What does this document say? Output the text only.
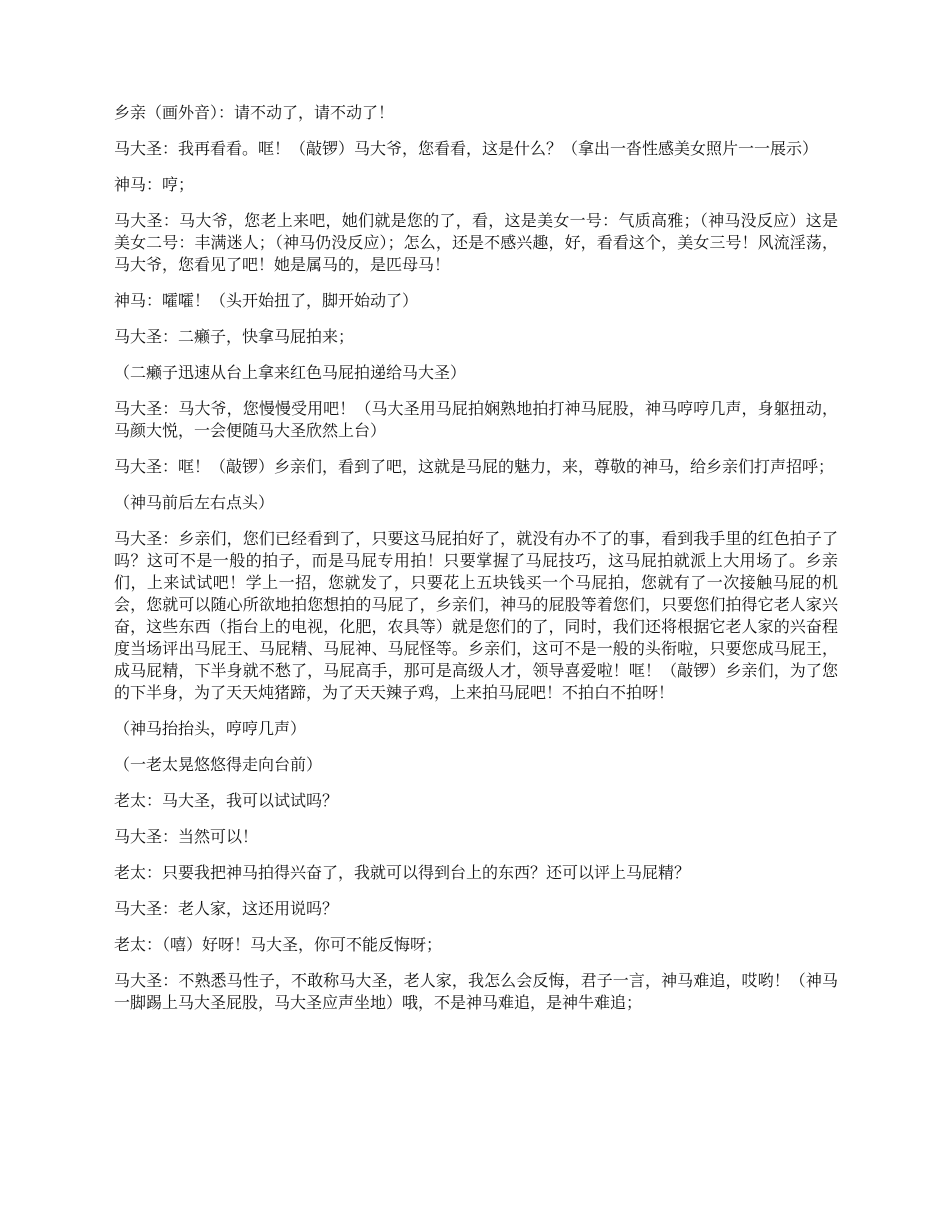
乡亲（画外音）：请不动了，请不动了！

马大圣：我再看看。哐！（敲锣）马大爷，您看看，这是什么？（拿出一沓性感美女照片一一展示）

神马：哼；

马大圣：马大爷，您老上来吧，她们就是您的了，看，这是美女一号：气质高雅；（神马没反应）这是美女二号：丰满迷人；（神马仍没反应）；怎么，还是不感兴趣，好，看看这个，美女三号！风流淫荡，马大爷，您看见了吧！她是属马的，是匹母马！

神马：嚯嚯！（头开始扭了，脚开始动了）

马大圣：二癞子，快拿马屁拍来；

（二癞子迅速从台上拿来红色马屁拍递给马大圣）

马大圣：马大爷，您慢慢受用吧！（马大圣用马屁拍娴熟地拍打神马屁股，神马哼哼几声，身躯扭动，马颜大悦，一会便随马大圣欣然上台）

马大圣：哐！（敲锣）乡亲们，看到了吧，这就是马屁的魅力，来，尊敬的神马，给乡亲们打声招呼；

（神马前后左右点头）

马大圣：乡亲们，您们已经看到了，只要这马屁拍好了，就没有办不了的事，看到我手里的红色拍子了吗？这可不是一般的拍子，而是马屁专用拍！只要掌握了马屁技巧，这马屁拍就派上大用场了。乡亲们，上来试试吧！学上一招，您就发了，只要花上五块钱买一个马屁拍，您就有了一次接触马屁的机会，您就可以随心所欲地拍您想拍的马屁了，乡亲们，神马的屁股等着您们，只要您们拍得它老人家兴奋，这些东西（指台上的电视，化肥，农具等）就是您们的了，同时，我们还将根据它老人家的兴奋程度当场评出马屁王、马屁精、马屁神、马屁怪等。乡亲们，这可不是一般的头衔啦，只要您成马屁王，成马屁精，下半身就不愁了，马屁高手，那可是高级人才，领导喜爱啦！哐！（敲锣）乡亲们，为了您的下半身，为了天天炖猪蹄，为了天天辣子鸡，上来拍马屁吧！不拍白不拍呀！

（神马抬抬头，哼哼几声）

（一老太晃悠悠得走向台前）

老太：马大圣，我可以试试吗？

马大圣：当然可以！

老太：只要我把神马拍得兴奋了，我就可以得到台上的东西？还可以评上马屁精？

马大圣：老人家，这还用说吗？

老太：（嘻）好呀！马大圣，你可不能反悔呀；

马大圣：不熟悉马性子，不敢称马大圣，老人家，我怎么会反悔，君子一言，神马难追，哎哟！（神马一脚踢上马大圣屁股，马大圣应声坐地）哦，不是神马难追，是神牛难追；
